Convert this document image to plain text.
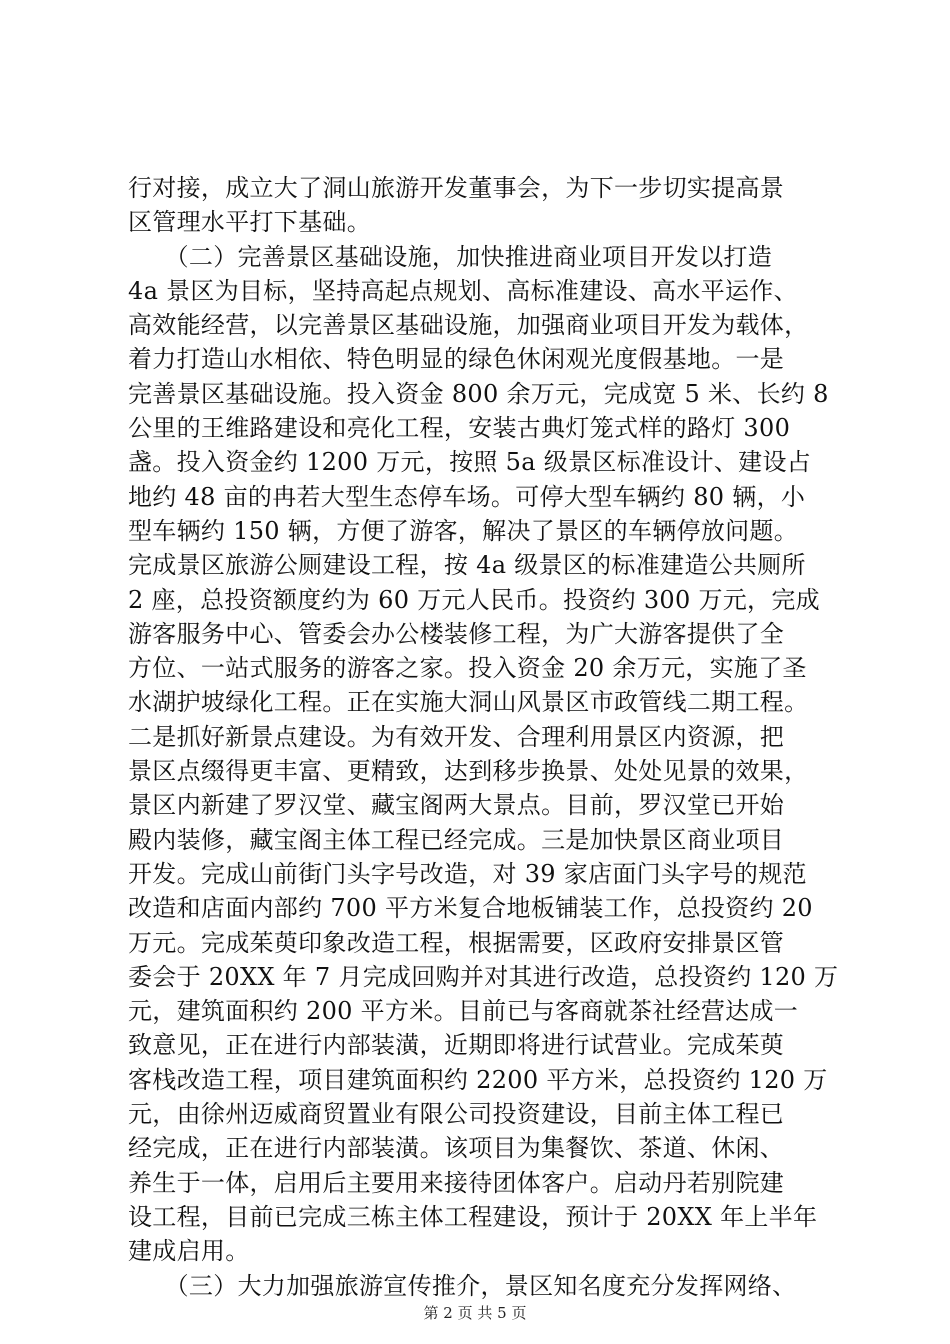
行对接，成立大了洞山旅游开发董事会，为下一步切实提高景
区管理水平打下基础。
　　（二）完善景区基础设施，加快推进商业项目开发以打造
4a 景区为目标，坚持高起点规划、高标准建设、高水平运作、
高效能经营，以完善景区基础设施，加强商业项目开发为载体，
着力打造山水相依、特色明显的绿色休闲观光度假基地。一是
完善景区基础设施。投入资金 800 余万元，完成宽 5 米、长约 8
公里的王维路建设和亮化工程，安装古典灯笼式样的路灯 300
盏。投入资金约 1200 万元，按照 5a 级景区标准设计、建设占
地约 48 亩的冉若大型生态停车场。可停大型车辆约 80 辆，小
型车辆约 150 辆，方便了游客，解决了景区的车辆停放问题。
完成景区旅游公厕建设工程，按 4a 级景区的标准建造公共厕所
2 座，总投资额度约为 60 万元人民币。投资约 300 万元，完成
游客服务中心、管委会办公楼装修工程，为广大游客提供了全
方位、一站式服务的游客之家。投入资金 20 余万元，实施了圣
水湖护坡绿化工程。正在实施大洞山风景区市政管线二期工程。
二是抓好新景点建设。为有效开发、合理利用景区内资源，把
景区点缀得更丰富、更精致，达到移步换景、处处见景的效果，
景区内新建了罗汉堂、藏宝阁两大景点。目前，罗汉堂已开始
殿内装修，藏宝阁主体工程已经完成。三是加快景区商业项目
开发。完成山前街门头字号改造，对 39 家店面门头字号的规范
改造和店面内部约 700 平方米复合地板铺装工作，总投资约 20
万元。完成茱萸印象改造工程，根据需要，区政府安排景区管
委会于 20XX 年 7 月完成回购并对其进行改造，总投资约 120 万
元，建筑面积约 200 平方米。目前已与客商就茶社经营达成一
致意见，正在进行内部装潢，近期即将进行试营业。完成茱萸
客栈改造工程，项目建筑面积约 2200 平方米，总投资约 120 万
元，由徐州迈威商贸置业有限公司投资建设，目前主体工程已
经完成，正在进行内部装潢。该项目为集餐饮、茶道、休闲、
养生于一体，启用后主要用来接待团体客户。启动丹若别院建
设工程，目前已完成三栋主体工程建设，预计于 20XX 年上半年
建成启用。
　　（三）大力加强旅游宣传推介，景区知名度充分发挥网络、
第 2 页 共 5 页
